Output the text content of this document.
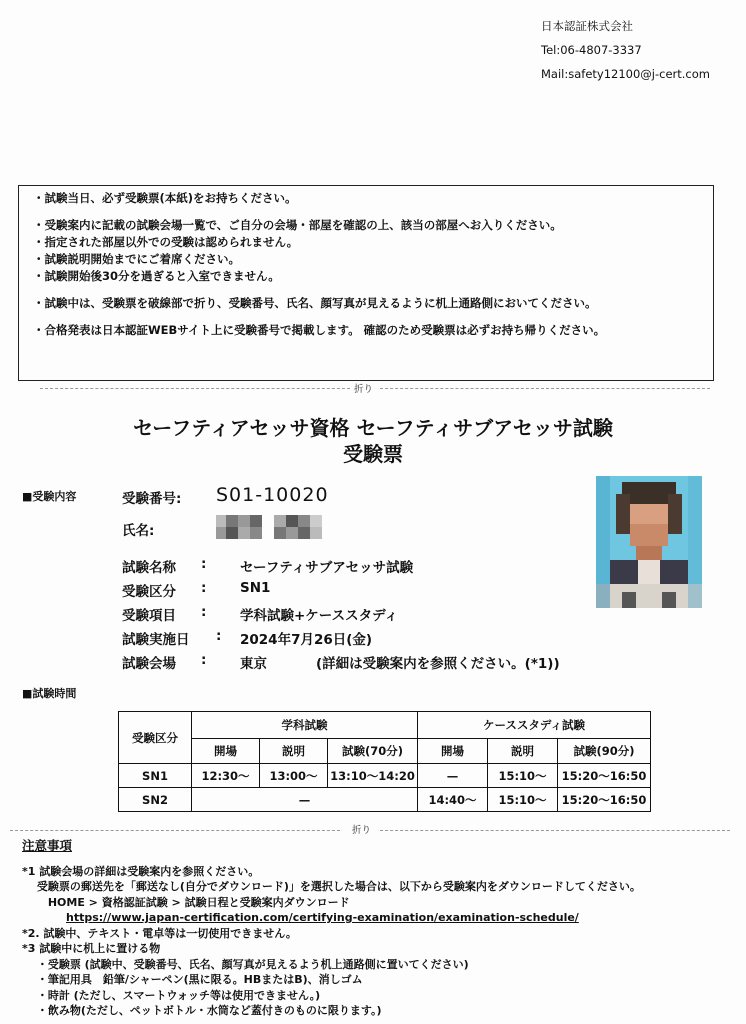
日本認証株式会社
Tel:06-4807-3337
Mail:safety12100@j-cert.com
・試験当日、必ず受験票(本紙)をお持ちください。
・受験案内に記載の試験会場一覧で、ご自分の会場・部屋を確認の上、該当の部屋へお入りください。
・指定された部屋以外での受験は認められません。
・試験説明開始までにご着席ください。
・試験開始後30分を過ぎると入室できません。
・試験中は、受験票を破線部で折り、受験番号、氏名、顔写真が見えるように机上通路側においてください。
・合格発表は日本認証WEBサイト上に受験番号で掲載します。 確認のため受験票は必ずお持ち帰りください。
折り
セーフティアセッサ資格 セーフティサブアセッサ試験
受験票
■受験内容	受験番号: S01-10020
氏名:
試験名称 : セーフティサブアセッサ試験
受験区分 : SN1
受験項目 : 学科試験+ケーススタディ
試験実施日 : 2024年7月26日(金)
試験会場 : 東京	(詳細は受験案内を参照ください。(*1))
■試験時間
受験区分	学科試験			ケーススタディ試験		
	開場	説明	試験(70分)	開場	説明	試験(90分)
SN1	12:30〜	13:00〜	13:10〜14:20	—	15:10〜	15:20〜16:50
SN2	—			14:40〜	15:10〜	15:20〜16:50
折り
注意事項
*1 試験会場の詳細は受験案内を参照ください。
　 受験票の郵送先を「郵送なし(自分でダウンロード)」を選択した場合は、以下から受験案内をダウンロードしてください。
　　 HOME > 資格認証試験 > 試験日程と受験案内ダウンロード
https://www.japan-certification.com/certifying-examination/examination-schedule/
*2. 試験中、テキスト・電卓等は一切使用できません。
*3 試験中に机上に置ける物
　 ・受験票 (試験中、受験番号、氏名、顔写真が見えるよう机上通路側に置いてください)
　 ・筆記用具　鉛筆/シャーペン(黒に限る。HBまたはB)、消しゴム
　 ・時計 (ただし、スマートウォッチ等は使用できません。)
　 ・飲み物(ただし、ペットボトル・水筒など蓋付きのものに限ります。)
